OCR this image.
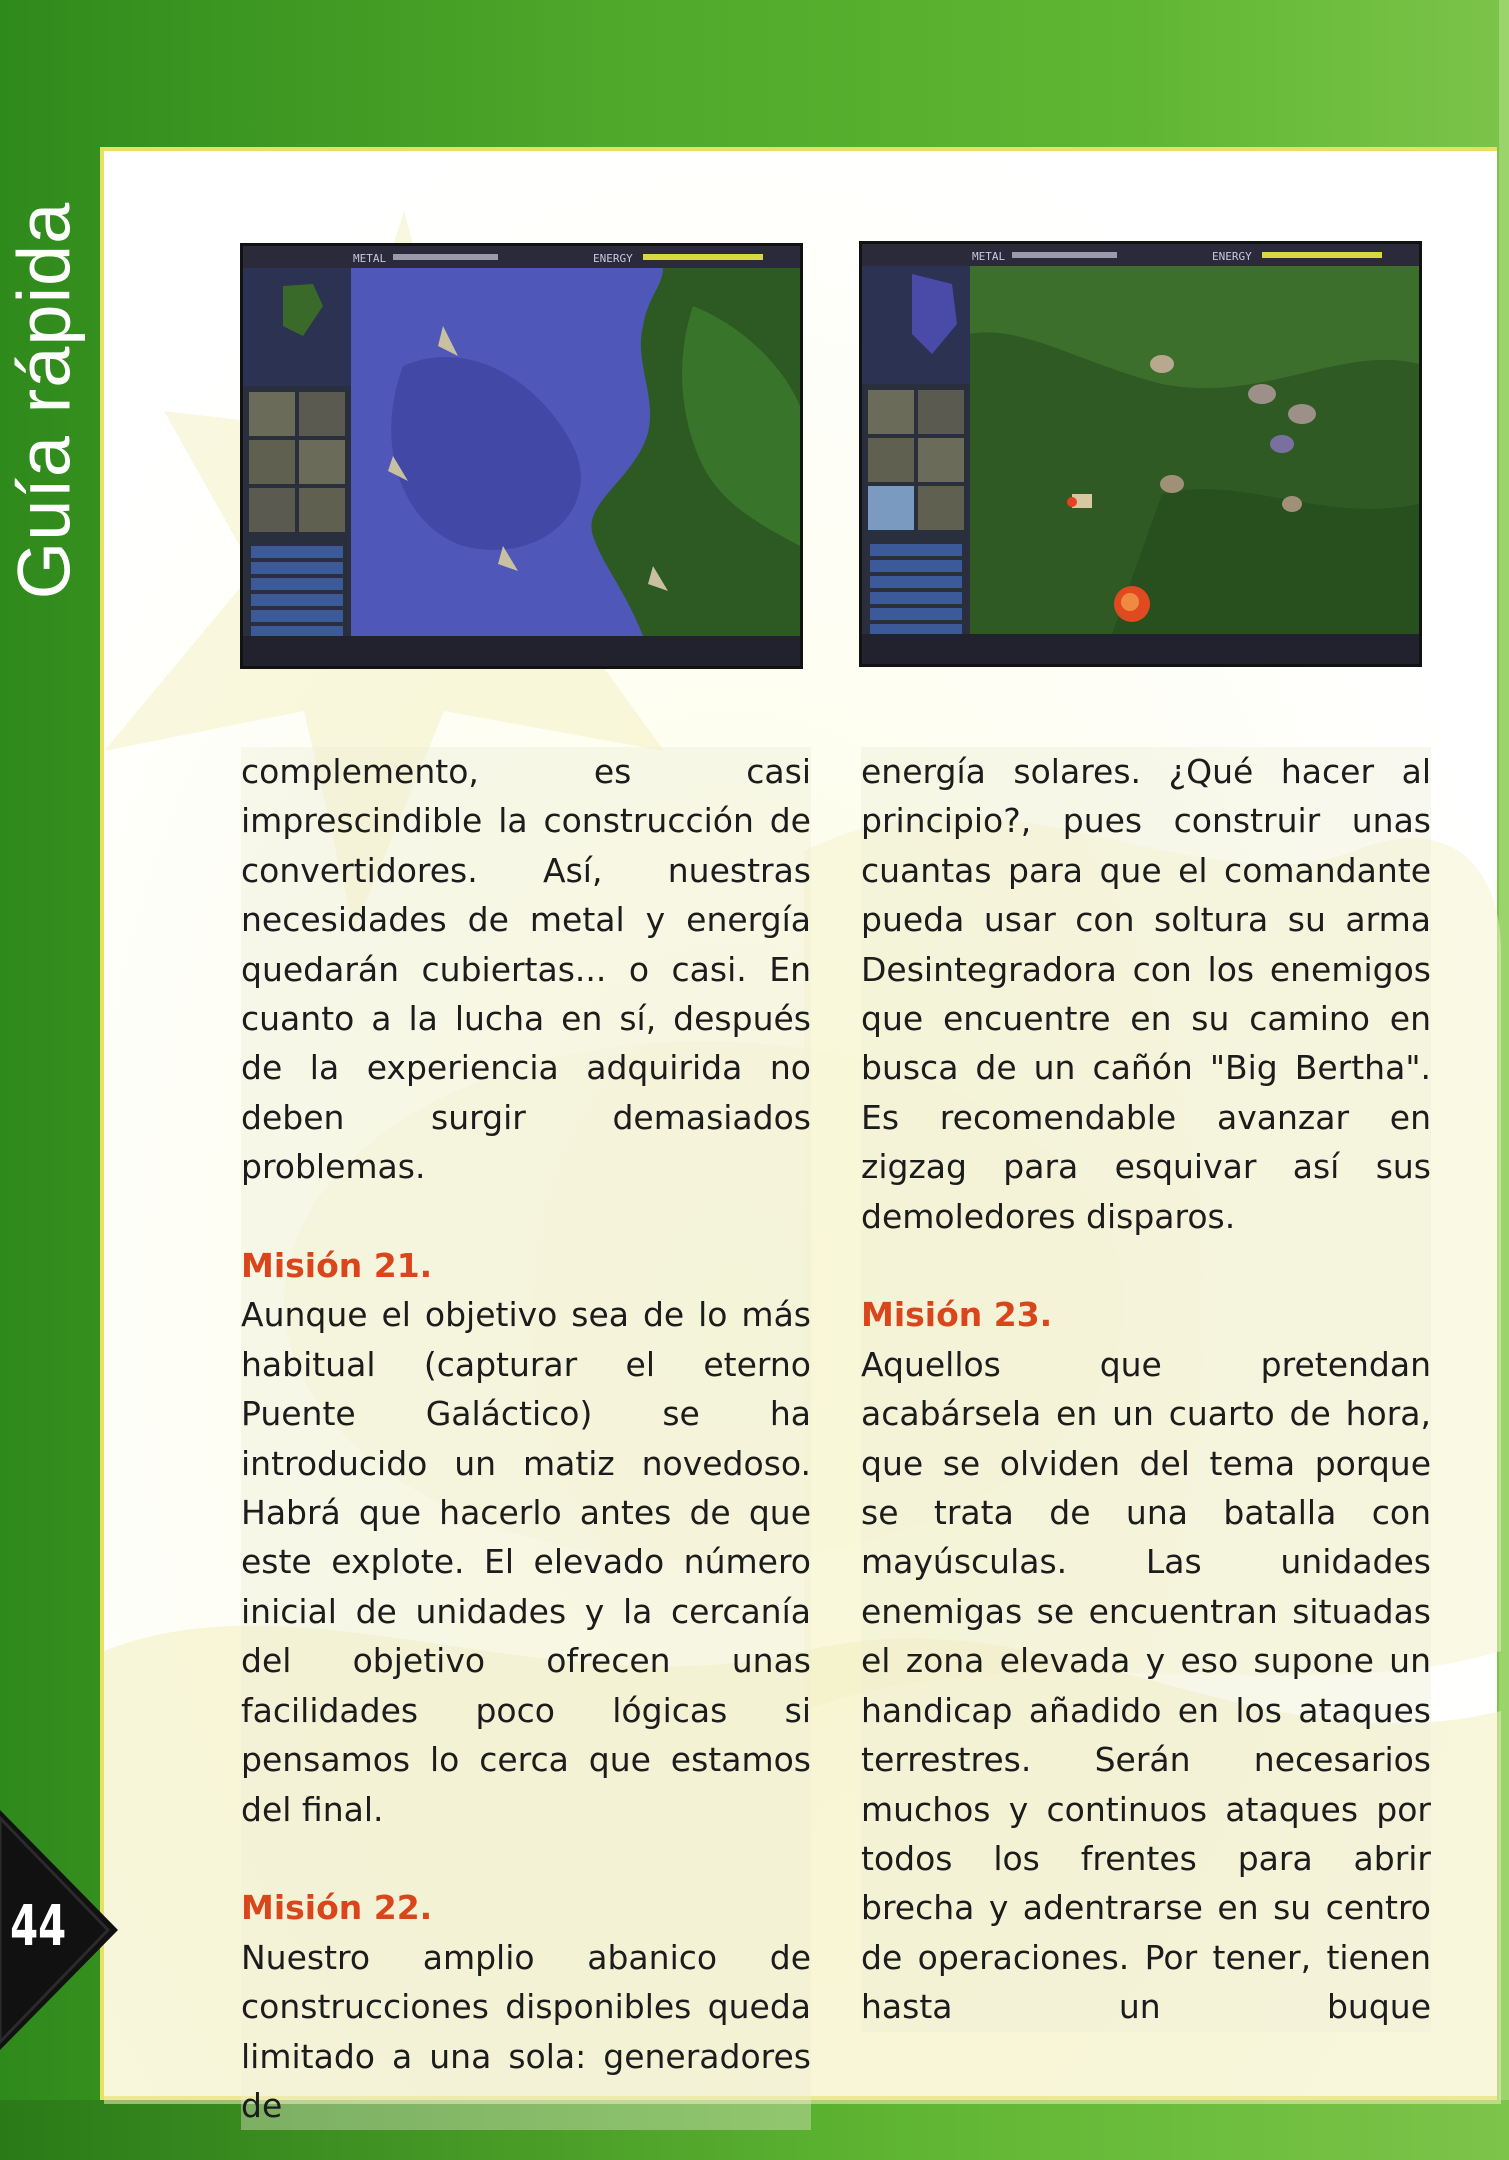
Guía rápida	METAL	ENERGY	METAL	ENERGY

complemento, es casi imprescindible la construcción de convertidores. Así, nuestras necesidades de metal y energía quedarán cubiertas... o casi. En cuanto a la lucha en sí, después de la experiencia adquirida no deben surgir demasiados problemas.

Misión 21.

Aunque el objetivo sea de lo más habitual (capturar el eterno Puente Galáctico) se ha introducido un matiz novedoso. Habrá que hacerlo antes de que este explote. El elevado número inicial de unidades y la cercanía del objetivo ofrecen unas facilidades poco lógicas si pensamos lo cerca que estamos del final.

Misión 22.

Nuestro amplio abanico de construcciones disponibles queda limitado a una sola: generadores de

energía solares. ¿Qué hacer al principio?, pues construir unas cuantas para que el comandante pueda usar con soltura su arma Desintegradora con los enemigos que encuentre en su camino en busca de un cañón "Big Bertha". Es recomendable avanzar en zigzag para esquivar así sus demoledores disparos.

Misión 23.

Aquellos que pretendan acabársela en un cuarto de hora, que se olviden del tema porque se trata de una batalla con mayúsculas. Las unidades enemigas se encuentran situadas el zona elevada y eso supone un handicap añadido en los ataques terrestres. Serán necesarios muchos y continuos ataques por todos los frentes para abrir brecha y adentrarse en su centro de operaciones. Por tener, tienen hasta un buque

44
